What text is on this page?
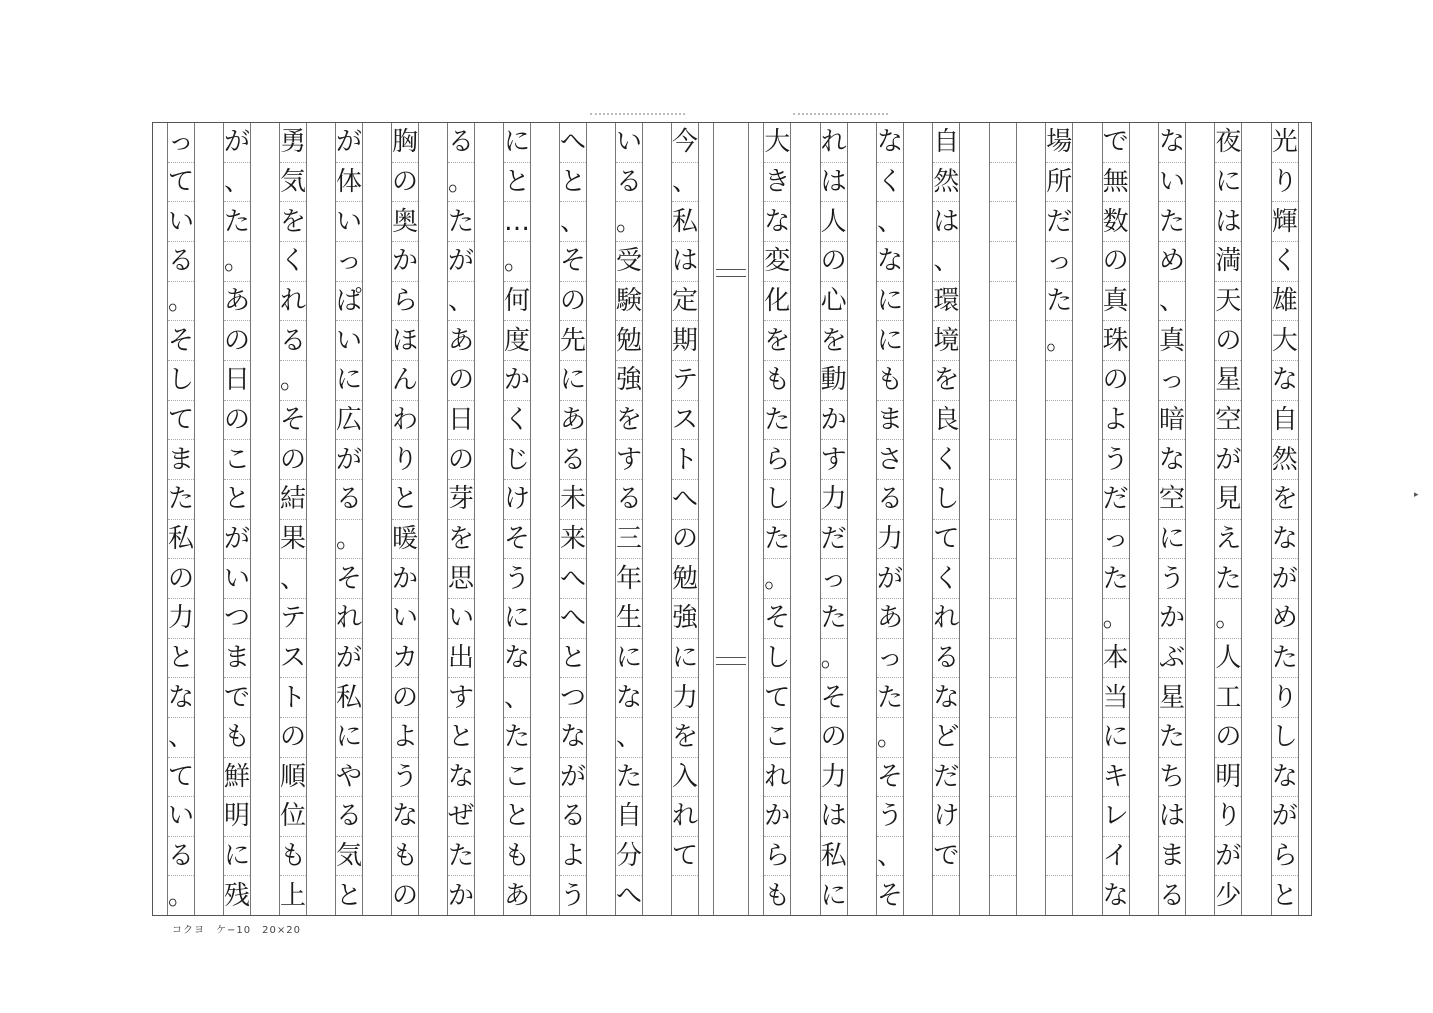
今
、
私
は
定
期
テ
ス
ト
へ
の
勉
強
に
力
を
入
れ
て
い
る
。
受
験
勉
強
を
す
る
三
年
生
に
な
、
た
自
分
へ
へ
と
、
そ
の
先
に
あ
る
未
来
へ
へ
と
つ
な
が
る
よ
う
に
と
…
。
何
度
か
く
じ
け
そ
う
に
な
、
た
こ
と
も
あ
る
。
た
が
、
あ
の
日
の
芽
を
思
い
出
す
と
な
ぜ
た
か
胸
の
奥
か
ら
ほ
ん
わ
り
と
暖
か
い
カ
の
よ
う
な
も
の
が
体
い
っ
ぱ
い
に
広
が
る
。
そ
れ
が
私
に
や
る
気
と
勇
気
を
く
れ
る
。
そ
の
結
果
、
テ
ス
ト
の
順
位
も
上
が
、
た
。
あ
の
日
の
こ
と
が
い
つ
ま
で
も
鮮
明
に
残
っ
て
い
る
。
そ
し
て
ま
た
私
の
力
と
な
、
て
い
る
。
光
り
輝
く
雄
大
な
自
然
を
な
が
め
た
り
し
な
が
ら
と
夜
に
は
満
天
の
星
空
が
見
え
た
。
人
工
の
明
り
が
少
な
い
た
め
、
真
っ
暗
な
空
に
う
か
ぶ
星
た
ち
は
ま
る
で
無
数
の
真
珠
の
よ
う
だ
っ
た
。
本
当
に
キ
レ
イ
な
場
所
だ
っ
た
。
自
然
は
、
環
境
を
良
く
し
て
く
れ
る
な
ど
だ
け
で
な
く
、
な
に
に
も
ま
さ
る
力
が
あ
っ
た
。
そ
う
、
そ
れ
は
人
の
心
を
動
か
す
力
だ
っ
た
。
そ
の
力
は
私
に
大
き
な
変
化
を
も
た
ら
し
た
。
そ
し
て
こ
れ
か
ら
も
コクヨ　ケ−10　20×20
▸
